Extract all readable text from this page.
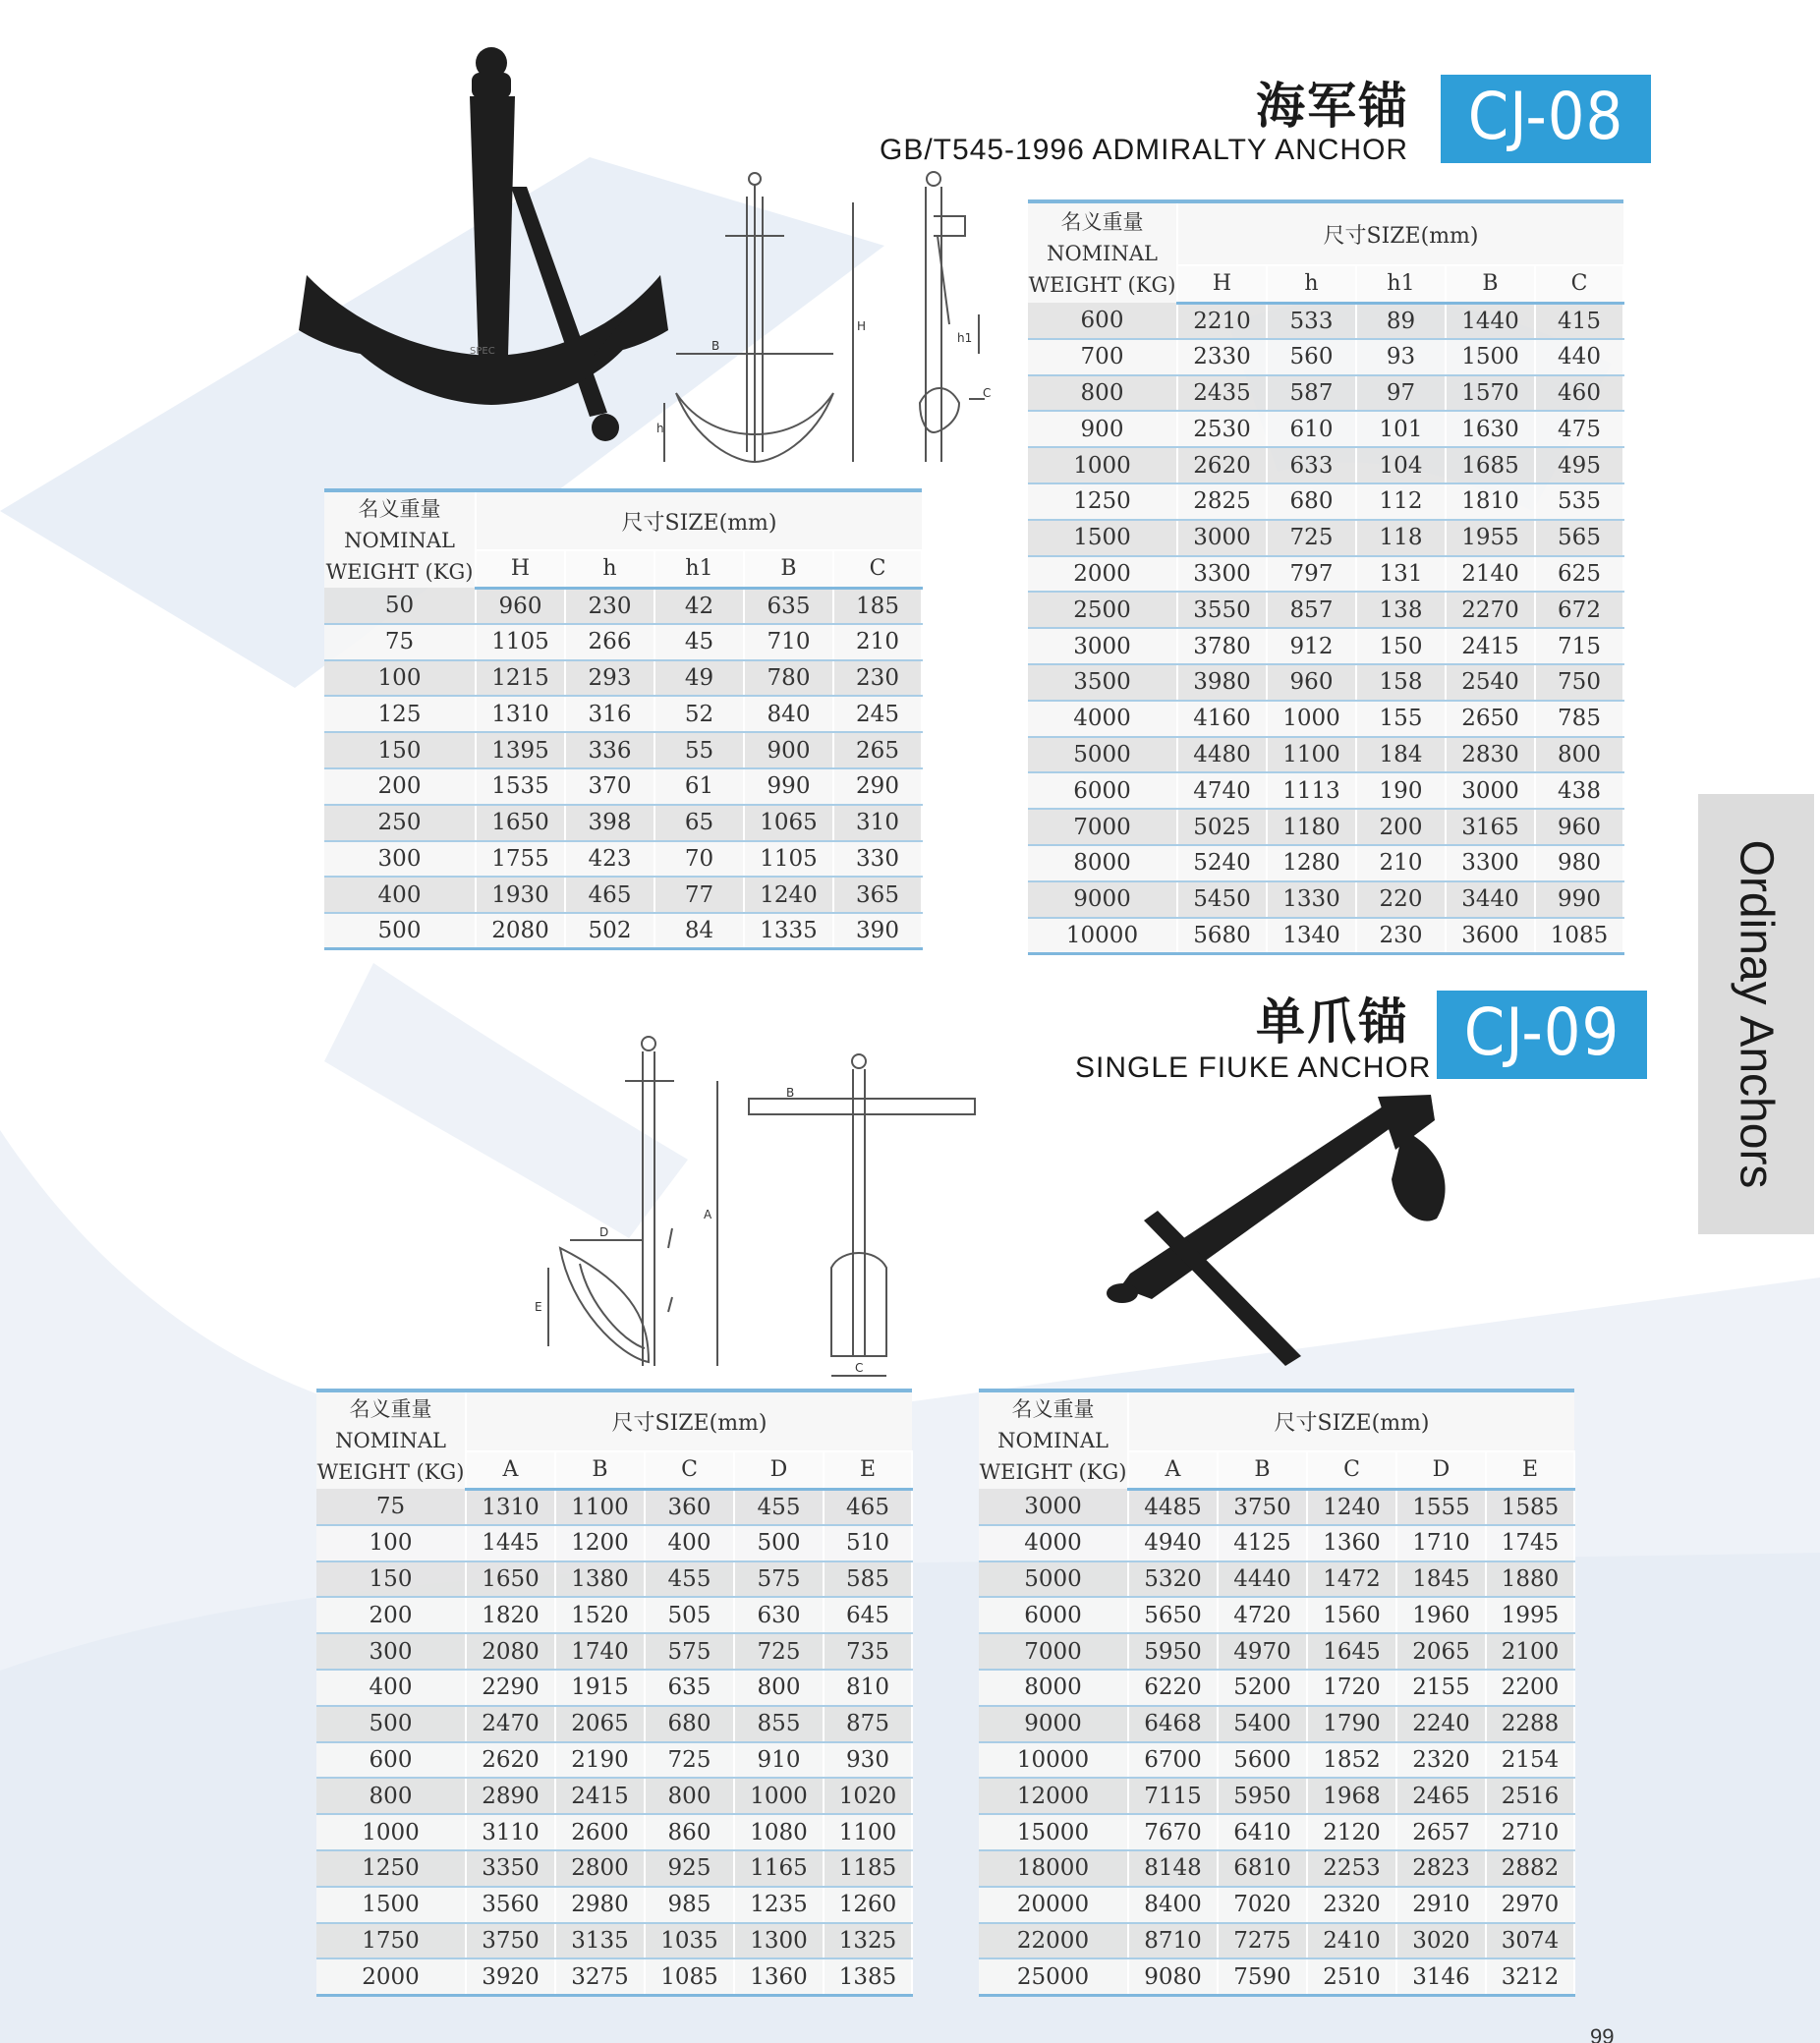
海军锚
GB/T545-1996 ADMIRALTY ANCHOR CJ-08
单爪锚
SINGLE FIUKE ANCHOR CJ-09	Ordinay Anchors
SPEC	B
H
h
C
h1
A
B
C
D
E
名义重量
NOMINAL
WEIGHT (KG)	尺寸SIZE(mm)				
	H	h	h1	B	C
50	960	230	42	635	185
75	1105	266	45	710	210
100	1215	293	49	780	230
125	1310	316	52	840	245
150	1395	336	55	900	265
200	1535	370	61	990	290
250	1650	398	65	1065	310
300	1755	423	70	1105	330
400	1930	465	77	1240	365
500	2080	502	84	1335	390
名义重量
NOMINAL
WEIGHT (KG)	尺寸SIZE(mm)				
	H	h	h1	B	C
600	2210	533	89	1440	415
700	2330	560	93	1500	440
800	2435	587	97	1570	460
900	2530	610	101	1630	475
1000	2620	633	104	1685	495
1250	2825	680	112	1810	535
1500	3000	725	118	1955	565
2000	3300	797	131	2140	625
2500	3550	857	138	2270	672
3000	3780	912	150	2415	715
3500	3980	960	158	2540	750
4000	4160	1000	155	2650	785
5000	4480	1100	184	2830	800
6000	4740	1113	190	3000	438
7000	5025	1180	200	3165	960
8000	5240	1280	210	3300	980
9000	5450	1330	220	3440	990
10000	5680	1340	230	3600	1085
名义重量
NOMINAL
WEIGHT (KG)	尺寸SIZE(mm)				
	A	B	C	D	E
75	1310	1100	360	455	465
100	1445	1200	400	500	510
150	1650	1380	455	575	585
200	1820	1520	505	630	645
300	2080	1740	575	725	735
400	2290	1915	635	800	810
500	2470	2065	680	855	875
600	2620	2190	725	910	930
800	2890	2415	800	1000	1020
1000	3110	2600	860	1080	1100
1250	3350	2800	925	1165	1185
1500	3560	2980	985	1235	1260
1750	3750	3135	1035	1300	1325
2000	3920	3275	1085	1360	1385
名义重量
NOMINAL
WEIGHT (KG)	尺寸SIZE(mm)				
	A	B	C	D	E
3000	4485	3750	1240	1555	1585
4000	4940	4125	1360	1710	1745
5000	5320	4440	1472	1845	1880
6000	5650	4720	1560	1960	1995
7000	5950	4970	1645	2065	2100
8000	6220	5200	1720	2155	2200
9000	6468	5400	1790	2240	2288
10000	6700	5600	1852	2320	2154
12000	7115	5950	1968	2465	2516
15000	7670	6410	2120	2657	2710
18000	8148	6810	2253	2823	2882
20000	8400	7020	2320	2910	2970
22000	8710	7275	2410	3020	3074
25000	9080	7590	2510	3146	3212
99
